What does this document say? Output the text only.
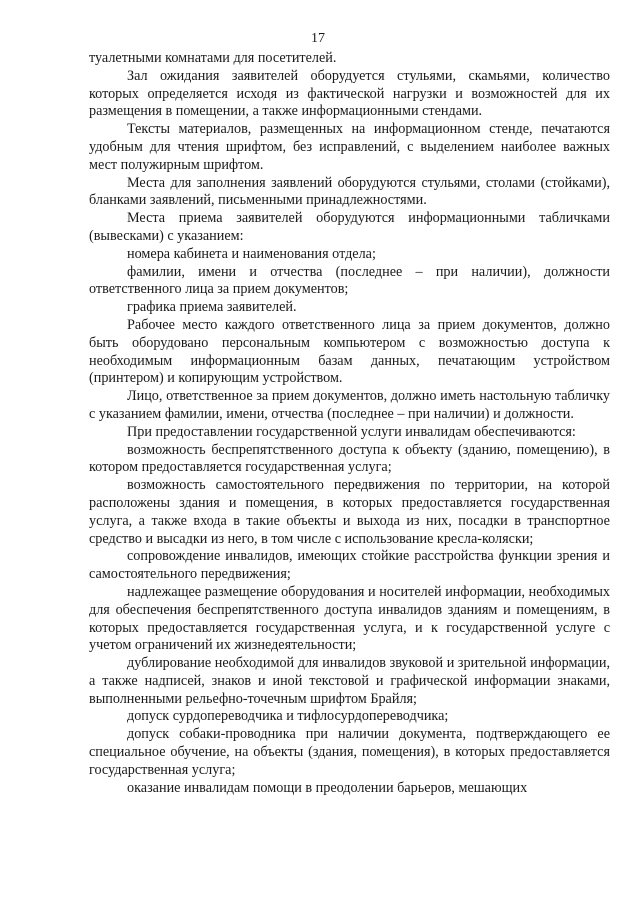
17

туалетными комнатами для посетителей.

Зал ожидания заявителей оборудуется стульями, скамьями, количество которых определяется исходя из фактической нагрузки и возможностей для их размещения в помещении, а также информационными стендами.

Тексты материалов, размещенных на информационном стенде, печатаются удобным для чтения шрифтом, без исправлений, с выделением наиболее важных мест полужирным шрифтом.

Места для заполнения заявлений оборудуются стульями, столами (стойками), бланками заявлений, письменными принадлежностями.

Места приема заявителей оборудуются информационными табличками (вывесками) с указанием:

номера кабинета и наименования отдела;

фамилии, имени и отчества (последнее – при наличии), должности ответственного лица за прием документов;

графика приема заявителей.

Рабочее место каждого ответственного лица за прием документов, должно быть оборудовано персональным компьютером с возможностью доступа к необходимым информационным базам данных, печатающим устройством (принтером) и копирующим устройством.

Лицо, ответственное за прием документов, должно иметь настольную табличку с указанием фамилии, имени, отчества (последнее – при наличии) и должности.

При предоставлении государственной услуги инвалидам обеспечиваются:

возможность беспрепятственного доступа к объекту (зданию, помещению), в котором предоставляется государственная услуга;

возможность самостоятельного передвижения по территории, на которой расположены здания и помещения, в которых предоставляется государственная услуга, а также входа в такие объекты и выхода из них, посадки в транспортное средство и высадки из него, в том числе с использование кресла-коляски;

сопровождение инвалидов, имеющих стойкие расстройства функции зрения и самостоятельного передвижения;

надлежащее размещение оборудования и носителей информации, необходимых для обеспечения беспрепятственного доступа инвалидов зданиям и помещениям, в которых предоставляется государственная услуга, и к государственной услуге с учетом ограничений их жизнедеятельности;

дублирование необходимой для инвалидов звуковой и зрительной информации, а также надписей, знаков и иной текстовой и графической информации знаками, выполненными рельефно-точечным шрифтом Брайля;

допуск сурдопереводчика и тифлосурдопереводчика;

допуск собаки-проводника при наличии документа, подтверждающего ее специальное обучение, на объекты (здания, помещения), в которых предоставляется государственная услуга;

оказание инвалидам помощи в преодолении барьеров, мешающих
